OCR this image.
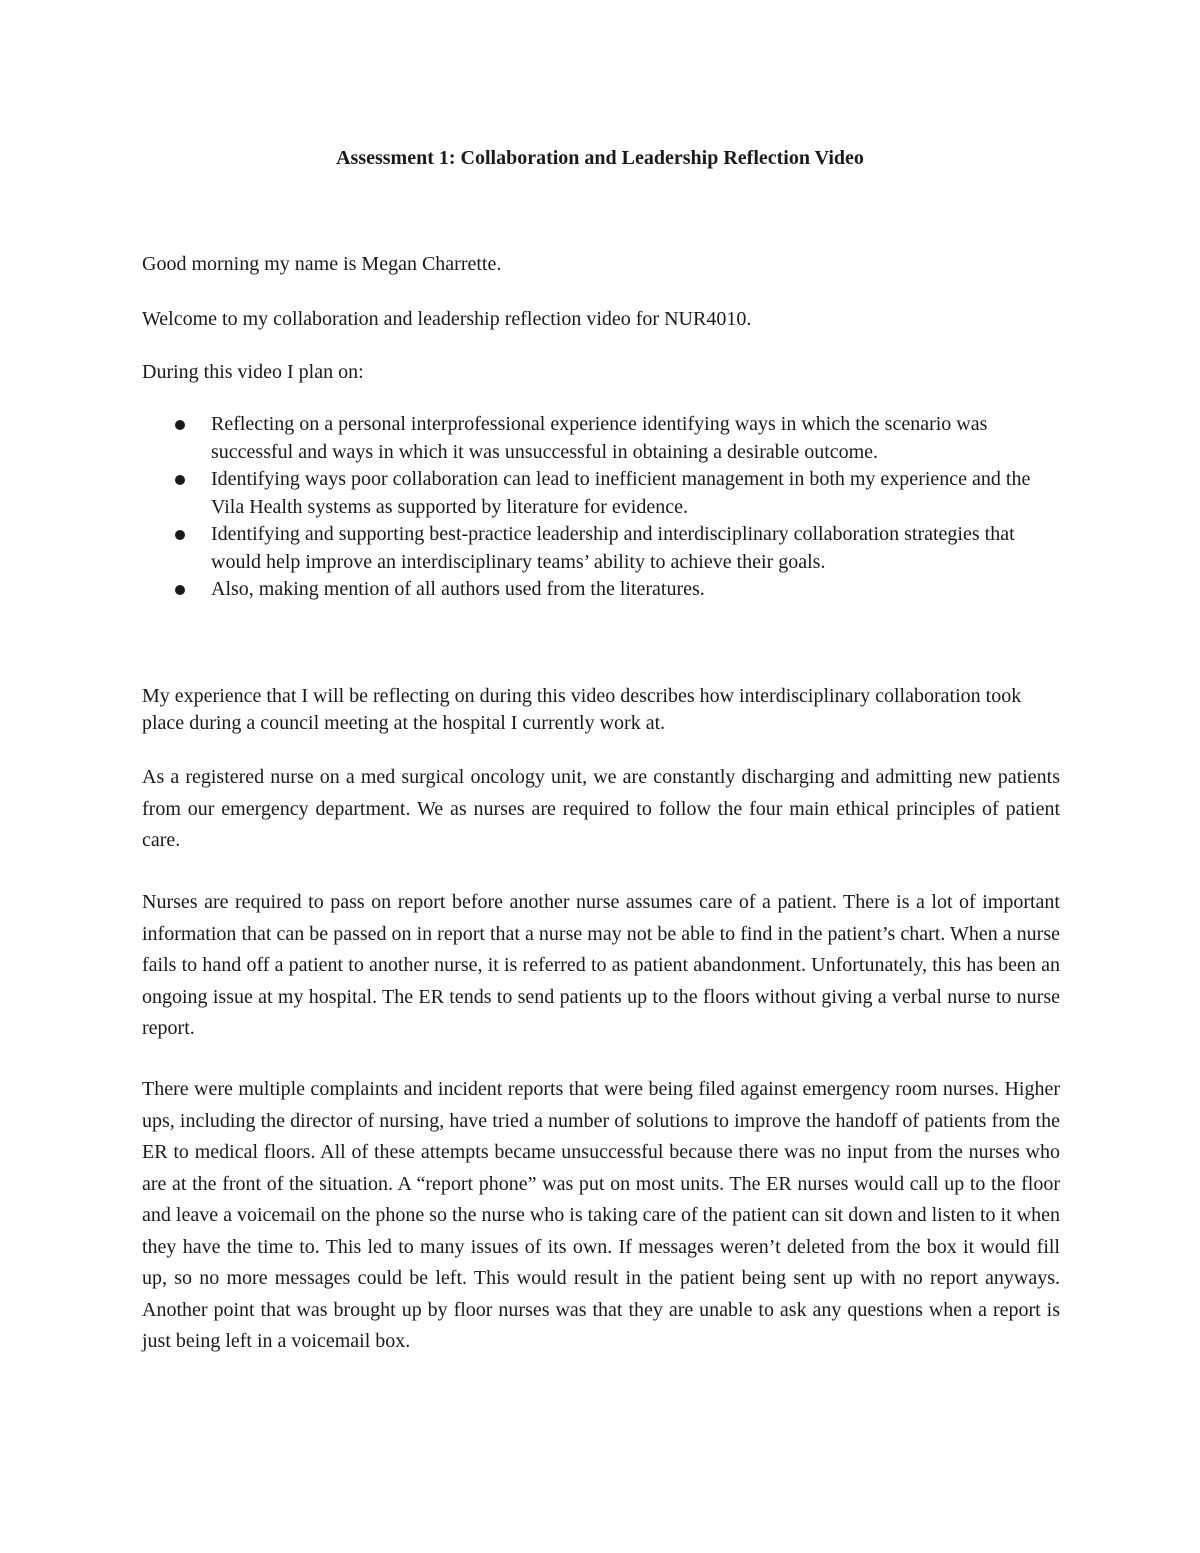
Assessment 1: Collaboration and Leadership Reflection Video

Good morning my name is Megan Charrette.

Welcome to my collaboration and leadership reflection video for NUR4010.

During this video I plan on:

Reflecting on a personal interprofessional experience identifying ways in which the scenario was successful and ways in which it was unsuccessful in obtaining a desirable outcome.
Identifying ways poor collaboration can lead to inefficient management in both my experience and the Vila Health systems as supported by literature for evidence.
Identifying and supporting best-practice leadership and interdisciplinary collaboration strategies that would help improve an interdisciplinary teams’ ability to achieve their goals.
Also, making mention of all authors used from the literatures.

My experience that I will be reflecting on during this video describes how interdisciplinary collaboration took place during a council meeting at the hospital I currently work at.

As a registered nurse on a med surgical oncology unit, we are constantly discharging and admitting new patients from our emergency department. We as nurses are required to follow the four main ethical principles of patient care.

Nurses are required to pass on report before another nurse assumes care of a patient. There is a lot of important information that can be passed on in report that a nurse may not be able to find in the patient’s chart. When a nurse fails to hand off a patient to another nurse, it is referred to as patient abandonment. Unfortunately, this has been an ongoing issue at my hospital. The ER tends to send patients up to the floors without giving a verbal nurse to nurse report.

There were multiple complaints and incident reports that were being filed against emergency room nurses. Higher ups, including the director of nursing, have tried a number of solutions to improve the handoff of patients from the ER to medical floors. All of these attempts became unsuccessful because there was no input from the nurses who are at the front of the situation. A “report phone” was put on most units. The ER nurses would call up to the floor and leave a voicemail on the phone so the nurse who is taking care of the patient can sit down and listen to it when they have the time to. This led to many issues of its own. If messages weren’t deleted from the box it would fill up, so no more messages could be left. This would result in the patient being sent up with no report anyways. Another point that was brought up by floor nurses was that they are unable to ask any questions when a report is just being left in a voicemail box.
